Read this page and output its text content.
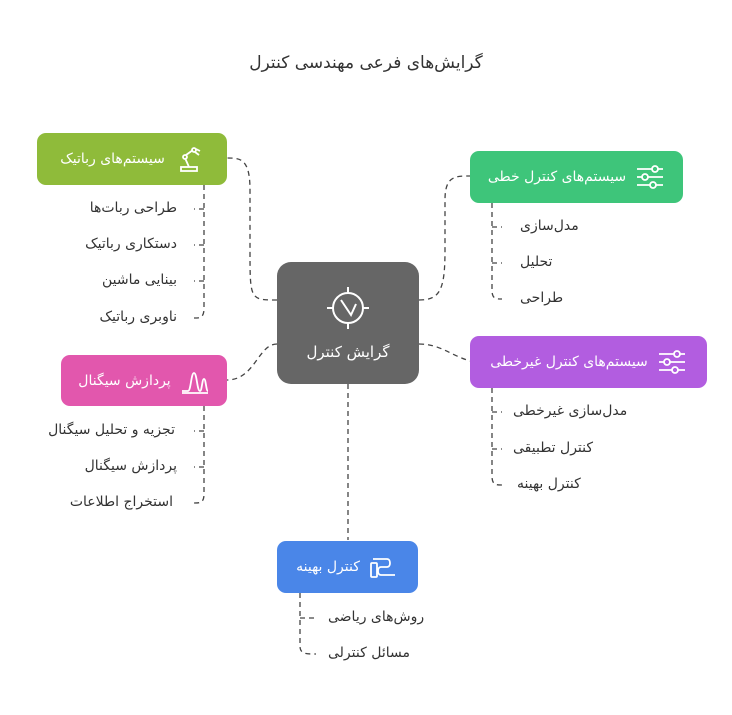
گرایش‌های فرعی مهندسی کنترل
گرایش کنترل
سیستم‌های رباتیک
طراحی ربات‌ها
دستکاری رباتیک
بینایی ماشین
ناوبری رباتیک
سیستم‌های کنترل خطی
مدل‌سازی
تحلیل
طراحی
سیستم‌های کنترل غیرخطی
مدل‌سازی غیرخطی
کنترل تطبیقی
کنترل بهینه
پردازش سیگنال
تجزیه و تحلیل سیگنال
پردازش سیگنال
استخراج اطلاعات
کنترل بهینه
روش‌های ریاضی
مسائل کنترلی
